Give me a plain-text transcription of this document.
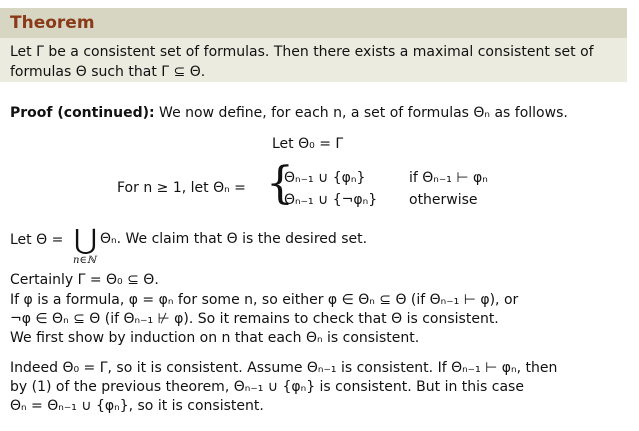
Theorem
Let Γ be a consistent set of formulas. Then there exists a maximal consistent set of
formulas Θ such that Γ ⊆ Θ.
Proof (continued): We now define, for each n, a set of formulas Θₙ as follows.
Let Θ₀ = Γ
For n ≥ 1, let Θₙ = {
Θₙ₋₁ ∪ {φₙ}	if Θₙ₋₁ ⊢ φₙ
Θₙ₋₁ ∪ {¬φₙ} otherwise
Let Θ = ⋃
n∈ℕ
Θₙ. We claim that Θ is the desired set.
Certainly Γ = Θ₀ ⊆ Θ.
If φ is a formula, φ = φₙ for some n, so either φ ∈ Θₙ ⊆ Θ (if Θₙ₋₁ ⊢ φ), or
¬φ ∈ Θₙ ⊆ Θ (if Θₙ₋₁ ⊬ φ). So it remains to check that Θ is consistent.
We first show by induction on n that each Θₙ is consistent.
Indeed Θ₀ = Γ, so it is consistent. Assume Θₙ₋₁ is consistent. If Θₙ₋₁ ⊢ φₙ, then
by (1) of the previous theorem, Θₙ₋₁ ∪ {φₙ} is consistent. But in this case
Θₙ = Θₙ₋₁ ∪ {φₙ}, so it is consistent.
